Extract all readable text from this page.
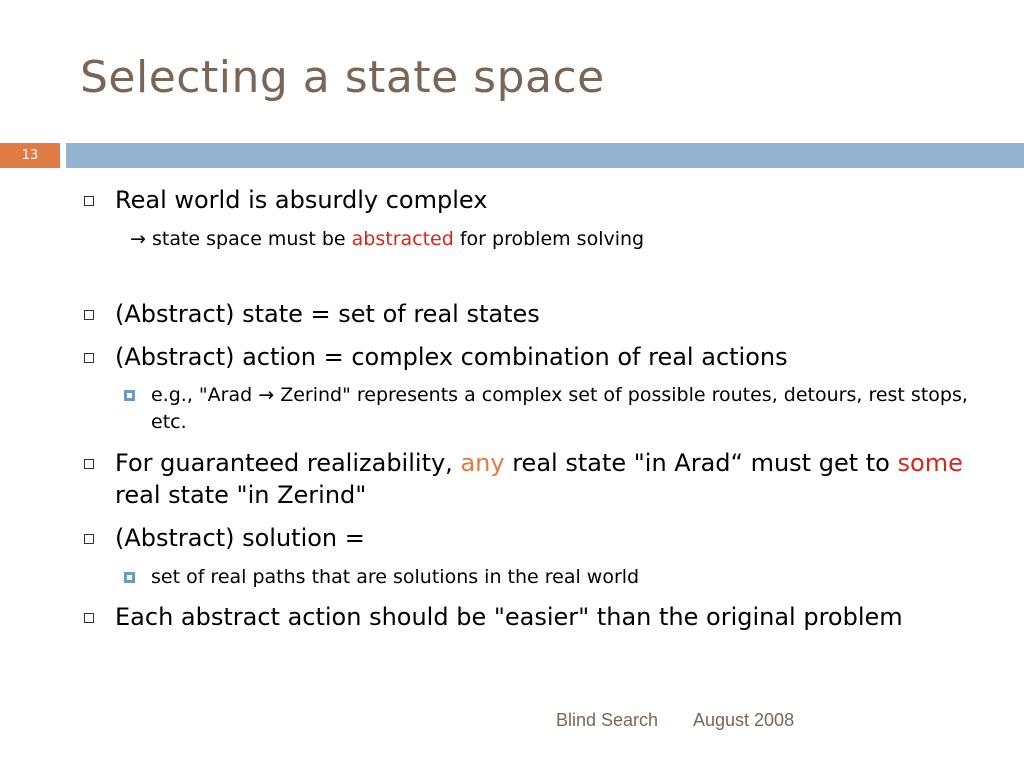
Selecting a state space
13
Real world is absurdly complex
→ state space must be abstracted for problem solving
(Abstract) state = set of real states
(Abstract) action = complex combination of real actions
e.g., "Arad → Zerind" represents a complex set of possible routes, detours, rest stops, etc.
For guaranteed realizability, any real state "in Arad“ must get to some real state "in Zerind"
(Abstract) solution =
set of real paths that are solutions in the real world
Each abstract action should be "easier" than the original problem
Blind Search August 2008
